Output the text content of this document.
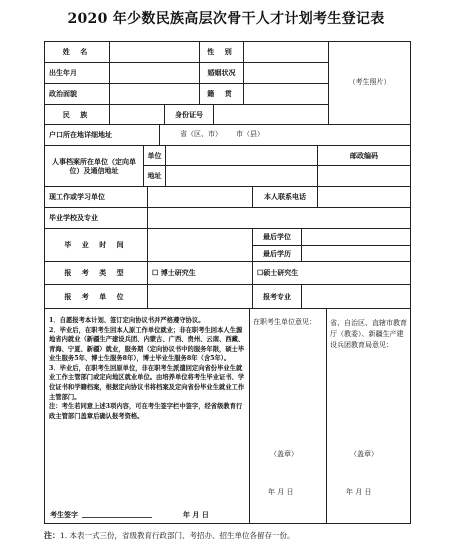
2020 年少数民族高层次骨干人才计划考生登记表
姓 名	性 别
（考生照片）
出生年月	婚姻状况
政治面貌	籍 贯
民 族	身份证号
户口所在地详细地址	省（区、市） 市（县）
人事档案所在单位（定向单位）及通信地址
单位	邮政编码
地址
现工作或学习单位	本人联系电话
毕业学校及专业
毕 业 时 间
最后学位
最后学历
报 考 类 型	☐ 博士研究生	☐硕士研究生
报 考 单 位	报考专业
1．自愿报考本计划、签订定向协议书并严格遵守协议。
2．毕业后，在职考生回本人原工作单位就业；非在职考生回本人生源地省内就业（新疆生产建设兵团、内蒙古、广西、贵州、云南、西藏、青海、宁夏、新疆）就业，服务期（定向协议书中的服务年限，硕士毕业生服务5年、博士生服务8年），博士毕业生服务8年（含5年）。
3．毕业后，在职考生回原单位，非在职考生派遣回定向省份毕业生就业工作主管部门或定向地区就业单位。由培养单位将考生毕业证书、学位证书和学籍档案，根据定向协议书将档案及定向省份毕业生就业工作主管部门。
注：考生若同意上述3项内容，可在考生签字栏中签字，经省级教育行政主管部门盖章后确认报考资格。
考生签字	年 月 日
在职考生单位意见：
（盖章）
年 月 日
省、自治区、直辖市教育厅（教委）、新疆生产建设兵团教育局意见：
（盖章）
年 月 日
注：1. 本表一式三份，省级教育行政部门、考招办、招生单位各留存一份。
